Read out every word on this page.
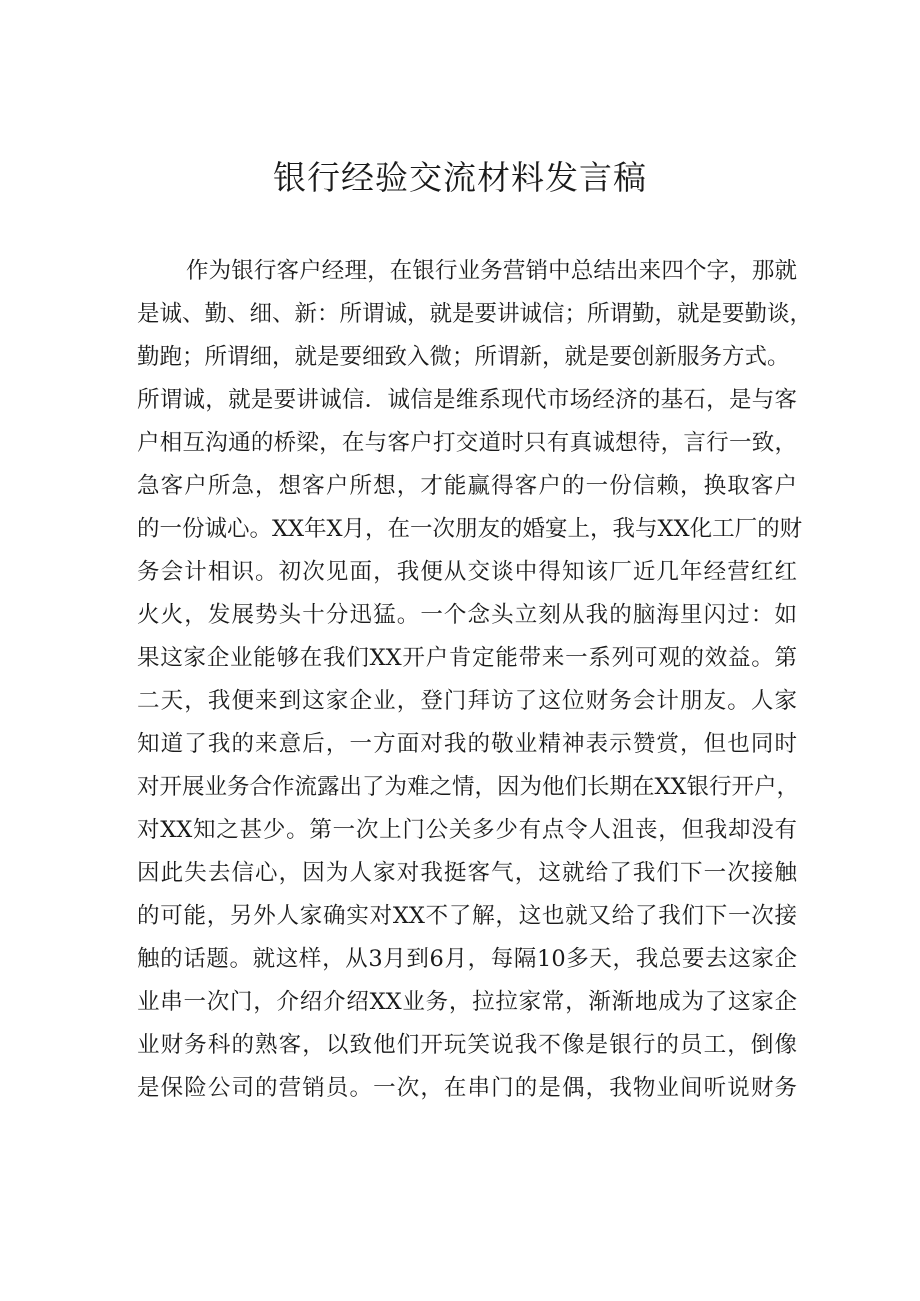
银行经验交流材料发言稿
作为银行客户经理，在银行业务营销中总结出来四个字，那就
是诚、勤、细、新：所谓诚，就是要讲诚信；所谓勤，就是要勤谈，
勤跑；所谓细，就是要细致入微；所谓新，就是要创新服务方式。
所谓诚，就是要讲诚信．诚信是维系现代市场经济的基石，是与客
户相互沟通的桥梁，在与客户打交道时只有真诚想待，言行一致，
急客户所急，想客户所想，才能赢得客户的一份信赖，换取客户
的一份诚心。XX年X月，在一次朋友的婚宴上，我与XX化工厂的财
务会计相识。初次见面，我便从交谈中得知该厂近几年经营红红
火火，发展势头十分迅猛。一个念头立刻从我的脑海里闪过：如
果这家企业能够在我们XX开户肯定能带来一系列可观的效益。第
二天，我便来到这家企业，登门拜访了这位财务会计朋友。人家
知道了我的来意后，一方面对我的敬业精神表示赞赏，但也同时
对开展业务合作流露出了为难之情，因为他们长期在XX银行开户，
对XX知之甚少。第一次上门公关多少有点令人沮丧，但我却没有
因此失去信心，因为人家对我挺客气，这就给了我们下一次接触
的可能，另外人家确实对XX不了解，这也就又给了我们下一次接
触的话题。就这样，从3月到6月，每隔10多天，我总要去这家企
业串一次门，介绍介绍XX业务，拉拉家常，渐渐地成为了这家企
业财务科的熟客，以致他们开玩笑说我不像是银行的员工，倒像
是保险公司的营销员。一次，在串门的是偶，我物业间听说财务
